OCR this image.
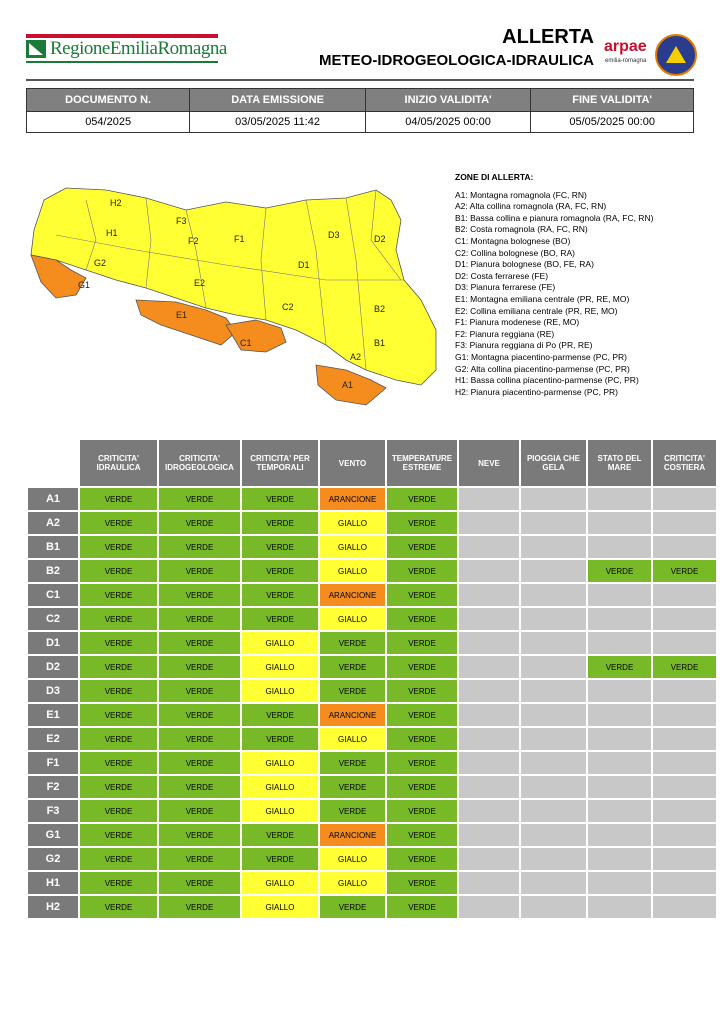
RegioneEmiliaRomagna
ALLERTA
METEO-IDROGEOLOGICA-IDRAULICA
arpae
emilia-romagna
DOCUMENTO N.	DATA EMISSIONE	INIZIO VALIDITA'	FINE VALIDITA'
054/2025	03/05/2025 11:42	04/05/2025 00:00	05/05/2025 00:00
H2
F3
H1
F2	F1	D3	D2
G2	D1
G1	E2
C2	B2
E1
C1	B1
A2
A1
ZONE DI ALLERTA:
A1: Montagna romagnola (FC, RN)
A2: Alta collina romagnola (RA, FC, RN)
B1: Bassa collina e pianura romagnola (RA, FC, RN)
B2: Costa romagnola (RA, FC, RN)
C1: Montagna bolognese (BO)
C2: Collina bolognese (BO, RA)
D1: Pianura bolognese (BO, FE, RA)
D2: Costa ferrarese (FE)
D3: Pianura ferrarese (FE)
E1: Montagna emiliana centrale (PR, RE, MO)
E2: Collina emiliana centrale (PR, RE, MO)
F1: Pianura modenese (RE, MO)
F2: Pianura reggiana (RE)
F3: Pianura reggiana di Po (PR, RE)
G1: Montagna piacentino-parmense (PC, PR)
G2: Alta collina piacentino-parmense (PC, PR)
H1: Bassa collina piacentino-parmense (PC, PR)
H2: Pianura piacentino-parmense (PC, PR)
	CRITICITA' IDRAULICA	CRITICITA' IDROGEOLOGICA	CRITICITA' PER TEMPORALI	VENTO	TEMPERATURE ESTREME	NEVE	PIOGGIA CHE GELA	STATO DEL MARE	CRITICITA' COSTIERA
A1	VERDE	VERDE	VERDE	ARANCIONE	VERDE				
A2	VERDE	VERDE	VERDE	GIALLO	VERDE				
B1	VERDE	VERDE	VERDE	GIALLO	VERDE				
B2	VERDE	VERDE	VERDE	GIALLO	VERDE			VERDE	VERDE
C1	VERDE	VERDE	VERDE	ARANCIONE	VERDE				
C2	VERDE	VERDE	VERDE	GIALLO	VERDE				
D1	VERDE	VERDE	GIALLO	VERDE	VERDE				
D2	VERDE	VERDE	GIALLO	VERDE	VERDE			VERDE	VERDE
D3	VERDE	VERDE	GIALLO	VERDE	VERDE				
E1	VERDE	VERDE	VERDE	ARANCIONE	VERDE				
E2	VERDE	VERDE	VERDE	GIALLO	VERDE				
F1	VERDE	VERDE	GIALLO	VERDE	VERDE				
F2	VERDE	VERDE	GIALLO	VERDE	VERDE				
F3	VERDE	VERDE	GIALLO	VERDE	VERDE				
G1	VERDE	VERDE	VERDE	ARANCIONE	VERDE				
G2	VERDE	VERDE	VERDE	GIALLO	VERDE				
H1	VERDE	VERDE	GIALLO	GIALLO	VERDE				
H2	VERDE	VERDE	GIALLO	VERDE	VERDE				
